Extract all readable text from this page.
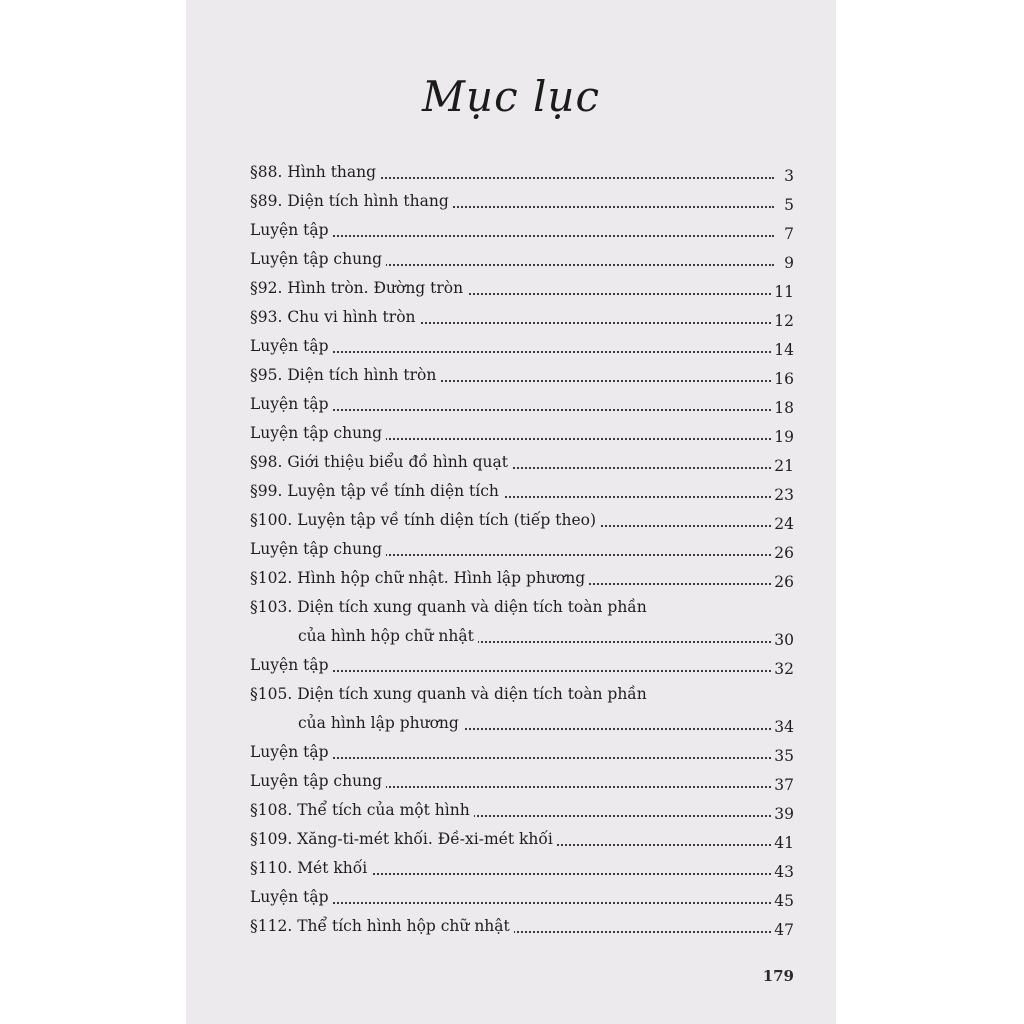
Mục lục
§88. Hình thang	3
§89. Diện tích hình thang	5
Luyện tập	7
Luyện tập chung	9
§92. Hình tròn. Đường tròn	11
§93. Chu vi hình tròn	12
Luyện tập	14
§95. Diện tích hình tròn	16
Luyện tập	18
Luyện tập chung	19
§98. Giới thiệu biểu đồ hình quạt	21
§99. Luyện tập về tính diện tích	23
§100. Luyện tập về tính diện tích (tiếp theo)	24
Luyện tập chung	26
§102. Hình hộp chữ nhật. Hình lập phương	26
§103. Diện tích xung quanh và diện tích toàn phần
của hình hộp chữ nhật	30
Luyện tập	32
§105. Diện tích xung quanh và diện tích toàn phần
của hình lập phương	34
Luyện tập	35
Luyện tập chung	37
§108. Thể tích của một hình	39
§109. Xăng-ti-mét khối. Đề-xi-mét khối	41
§110. Mét khối	43
Luyện tập	45
§112. Thể tích hình hộp chữ nhật	47
179
